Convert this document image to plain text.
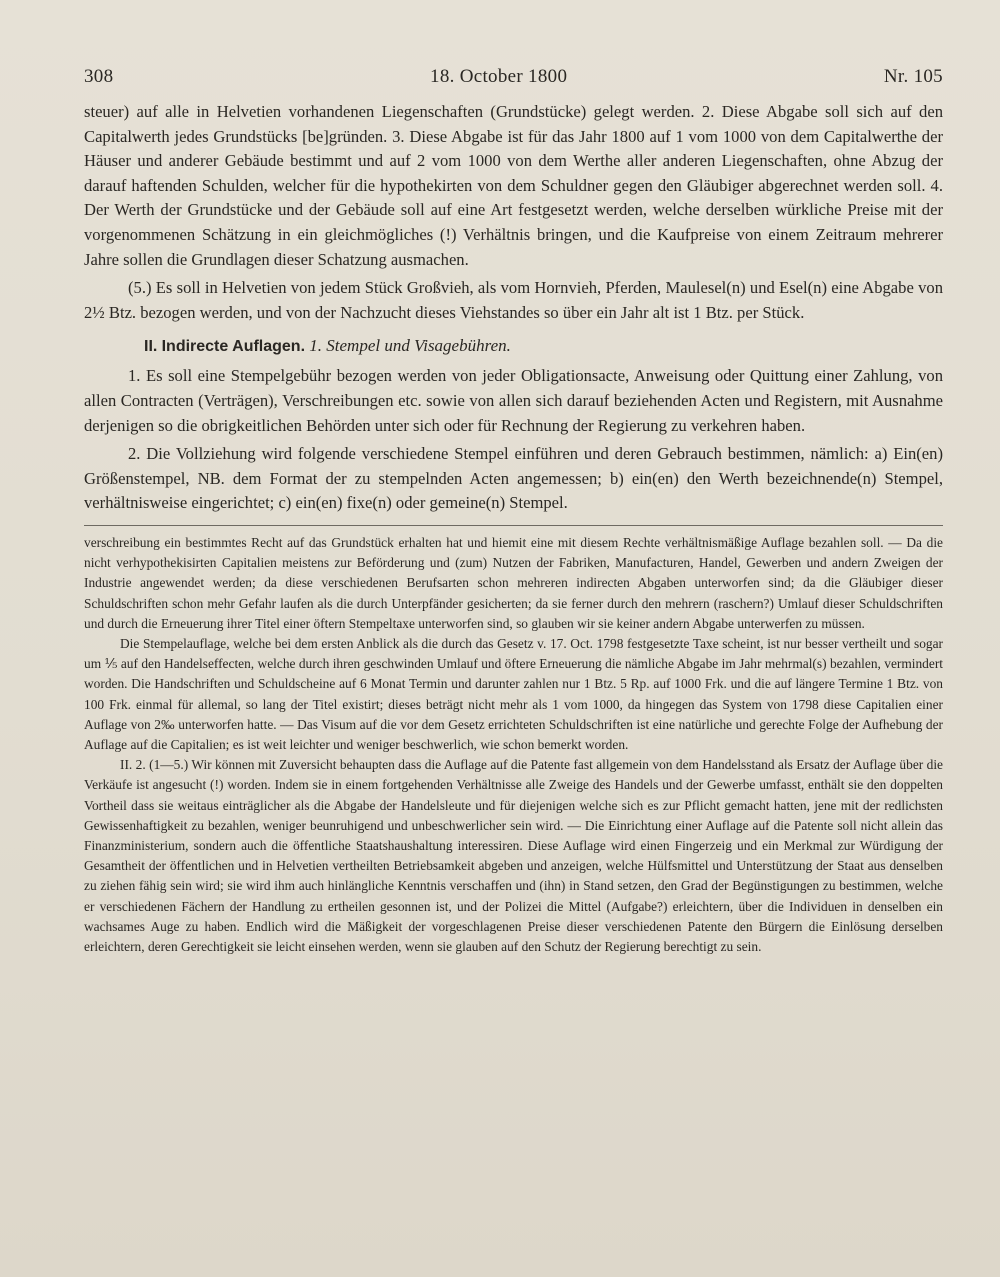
308	18. October 1800	Nr. 105

steuer) auf alle in Helvetien vorhandenen Liegenschaften (Grundstücke) gelegt werden. 2. Diese Abgabe soll sich auf den Capitalwerth jedes Grundstücks [be]gründen. 3. Diese Abgabe ist für das Jahr 1800 auf 1 vom 1000 von dem Capitalwerthe der Häuser und anderer Gebäude bestimmt und auf 2 vom 1000 von dem Werthe aller anderen Liegenschaften, ohne Abzug der darauf haftenden Schulden, welcher für die hypothekirten von dem Schuldner gegen den Gläubiger abgerechnet werden soll. 4. Der Werth der Grundstücke und der Gebäude soll auf eine Art festgesetzt werden, welche derselben würkliche Preise mit der vorgenommenen Schätzung in ein gleichmögliches (!) Verhältnis bringen, und die Kaufpreise von einem Zeitraum mehrerer Jahre sollen die Grundlagen dieser Schatzung ausmachen.

(5.) Es soll in Helvetien von jedem Stück Großvieh, als vom Hornvieh, Pferden, Maulesel(n) und Esel(n) eine Abgabe von 2½ Btz. bezogen werden, und von der Nachzucht dieses Viehstandes so über ein Jahr alt ist 1 Btz. per Stück.

II. Indirecte Auflagen. 1. Stempel und Visagebühren.

1. Es soll eine Stempelgebühr bezogen werden von jeder Obligationsacte, Anweisung oder Quittung einer Zahlung, von allen Contracten (Verträgen), Verschreibungen etc. sowie von allen sich darauf beziehenden Acten und Registern, mit Ausnahme derjenigen so die obrigkeitlichen Behörden unter sich oder für Rechnung der Regierung zu verkehren haben.

2. Die Vollziehung wird folgende verschiedene Stempel einführen und deren Gebrauch bestimmen, nämlich: a) Ein(en) Größenstempel, NB. dem Format der zu stempelnden Acten angemessen; b) ein(en) den Werth bezeichnende(n) Stempel, verhältnisweise eingerichtet; c) ein(en) fixe(n) oder gemeine(n) Stempel.

verschreibung ein bestimmtes Recht auf das Grundstück erhalten hat und hiemit eine mit diesem Rechte verhältnismäßige Auflage bezahlen soll. — Da die nicht verhypothekisirten Capitalien meistens zur Beförderung und (zum) Nutzen der Fabriken, Manufacturen, Handel, Gewerben und andern Zweigen der Industrie angewendet werden; da diese verschiedenen Berufsarten schon mehreren indirecten Abgaben unterworfen sind; da die Gläubiger dieser Schuldschriften schon mehr Gefahr laufen als die durch Unterpfänder gesicherten; da sie ferner durch den mehrern (raschern?) Umlauf dieser Schuldschriften und durch die Erneuerung ihrer Titel einer öftern Stempeltaxe unterworfen sind, so glauben wir sie keiner andern Abgabe unterwerfen zu müssen.

Die Stempelauflage, welche bei dem ersten Anblick als die durch das Gesetz v. 17. Oct. 1798 festgesetzte Taxe scheint, ist nur besser vertheilt und sogar um ⅕ auf den Handelseffecten, welche durch ihren geschwinden Umlauf und öftere Erneuerung die nämliche Abgabe im Jahr mehrmal(s) bezahlen, vermindert worden. Die Handschriften und Schuldscheine auf 6 Monat Termin und darunter zahlen nur 1 Btz. 5 Rp. auf 1000 Frk. und die auf längere Termine 1 Btz. von 100 Frk. einmal für allemal, so lang der Titel existirt; dieses beträgt nicht mehr als 1 vom 1000, da hingegen das System von 1798 diese Capitalien einer Auflage von 2‰ unterworfen hatte. — Das Visum auf die vor dem Gesetz errichteten Schuldschriften ist eine natürliche und gerechte Folge der Aufhebung der Auflage auf die Capitalien; es ist weit leichter und weniger beschwerlich, wie schon bemerkt worden.

II. 2. (1—5.) Wir können mit Zuversicht behaupten dass die Auflage auf die Patente fast allgemein von dem Handelsstand als Ersatz der Auflage über die Verkäufe ist angesucht (!) worden. Indem sie in einem fortgehenden Verhältnisse alle Zweige des Handels und der Gewerbe umfasst, enthält sie den doppelten Vortheil dass sie weitaus einträglicher als die Abgabe der Handelsleute und für diejenigen welche sich es zur Pflicht gemacht hatten, jene mit der redlichsten Gewissenhaftigkeit zu bezahlen, weniger beunruhigend und unbeschwerlicher sein wird. — Die Einrichtung einer Auflage auf die Patente soll nicht allein das Finanzministerium, sondern auch die öffentliche Staatshaushaltung interessiren. Diese Auflage wird einen Fingerzeig und ein Merkmal zur Würdigung der Gesamtheit der öffentlichen und in Helvetien vertheilten Betriebsamkeit abgeben und anzeigen, welche Hülfsmittel und Unterstützung der Staat aus denselben zu ziehen fähig sein wird; sie wird ihm auch hinlängliche Kenntnis verschaffen und (ihn) in Stand setzen, den Grad der Begünstigungen zu bestimmen, welche er verschiedenen Fächern der Handlung zu ertheilen gesonnen ist, und der Polizei die Mittel (Aufgabe?) erleichtern, über die Individuen in denselben ein wachsames Auge zu haben. Endlich wird die Mäßigkeit der vorgeschlagenen Preise dieser verschiedenen Patente den Bürgern die Einlösung derselben erleichtern, deren Gerechtigkeit sie leicht einsehen werden, wenn sie glauben auf den Schutz der Regierung berechtigt zu sein.
